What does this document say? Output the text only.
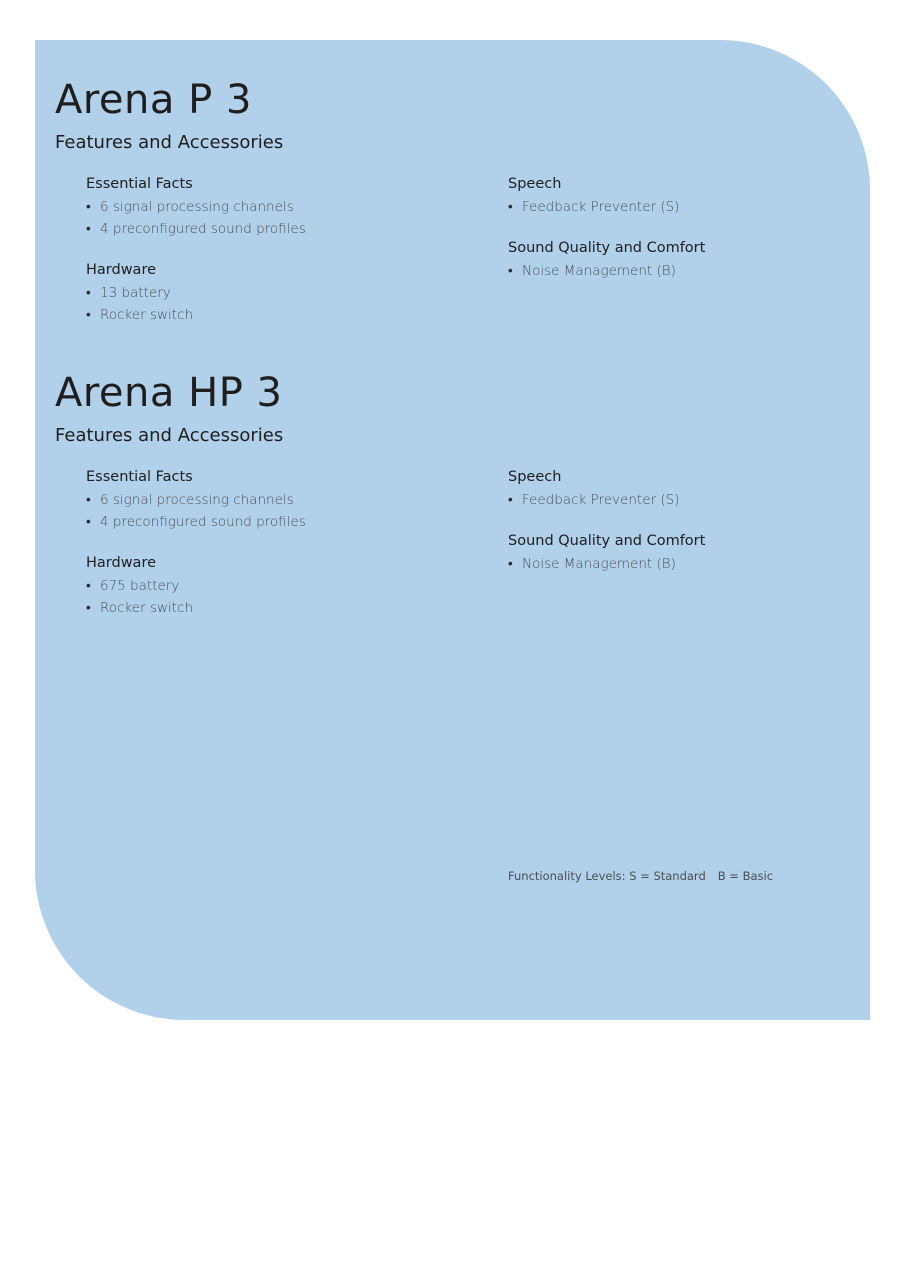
Arena P 3
Features and Accessories
Essential Facts
• 6 signal processing channels
• 4 preconfigured sound profiles
Hardware
• 13 battery
• Rocker switch
Speech
• Feedback Preventer (S)
Sound Quality and Comfort
• Noise Management (B)
Arena HP 3
Features and Accessories
Essential Facts
• 6 signal processing channels
• 4 preconfigured sound profiles
Hardware
• 675 battery
• Rocker switch
Speech
• Feedback Preventer (S)
Sound Quality and Comfort
• Noise Management (B)
Functionality Levels: S = Standard B = Basic
